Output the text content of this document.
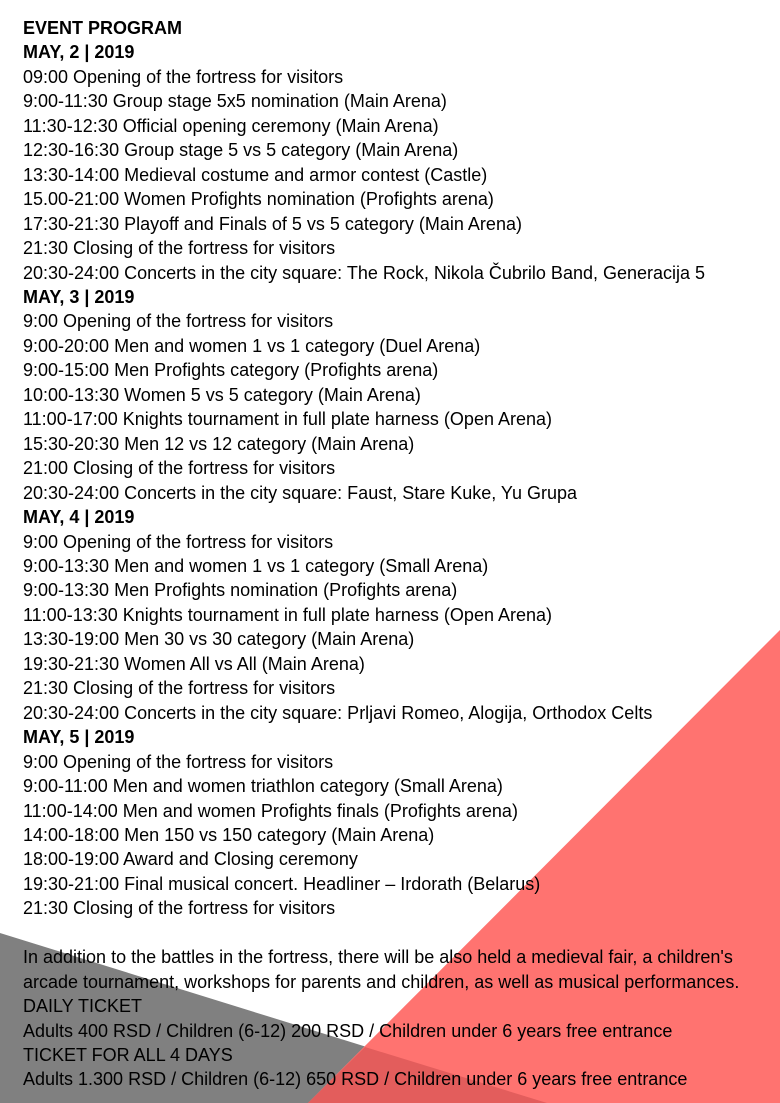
EVENT PROGRAM
MAY, 2 | 2019
09:00 Opening of the fortress for visitors
9:00-11:30 Group stage 5x5 nomination (Main Arena)
11:30-12:30 Official opening ceremony (Main Arena)
12:30-16:30 Group stage 5 vs 5 category (Main Arena)
13:30-14:00 Medieval costume and armor contest (Castle)
15.00-21:00 Women Profights nomination (Profights arena)
17:30-21:30 Playoff and Finals of 5 vs 5 category (Main Arena)
21:30 Closing of the fortress for visitors
20:30-24:00 Concerts in the city square: The Rock, Nikola Čubrilo Band, Generacija 5
MAY, 3 | 2019
9:00 Opening of the fortress for visitors
9:00-20:00 Men and women 1 vs 1 category (Duel Arena)
9:00-15:00 Men Profights category (Profights arena)
10:00-13:30 Women 5 vs 5 category (Main Arena)
11:00-17:00 Knights tournament in full plate harness (Open Arena)
15:30-20:30 Men 12 vs 12 category (Main Arena)
21:00 Closing of the fortress for visitors
20:30-24:00 Concerts in the city square: Faust, Stare Kuke, Yu Grupa
MAY, 4 | 2019
9:00 Opening of the fortress for visitors
9:00-13:30 Men and women 1 vs 1 category (Small Arena)
9:00-13:30 Men Profights nomination (Profights arena)
11:00-13:30 Knights tournament in full plate harness (Open Arena)
13:30-19:00 Men 30 vs 30 category (Main Arena)
19:30-21:30 Women All vs All (Main Arena)
21:30 Closing of the fortress for visitors
20:30-24:00 Concerts in the city square: Prljavi Romeo, Alogija, Orthodox Celts
MAY, 5 | 2019
9:00 Opening of the fortress for visitors
9:00-11:00 Men and women triathlon category (Small Arena)
11:00-14:00 Men and women Profights finals (Profights arena)
14:00-18:00 Men 150 vs 150 category (Main Arena)
18:00-19:00 Award and Closing ceremony
19:30-21:00 Final musical concert. Headliner – Irdorath (Belarus)
21:30 Closing of the fortress for visitors
In addition to the battles in the fortress, there will be also held a medieval fair, a children's arcade tournament, workshops for parents and children, as well as musical performances.
DAILY TICKET
Adults 400 RSD / Children (6-12) 200 RSD / Children under 6 years free entrance
TICKET FOR ALL 4 DAYS
Adults 1.300 RSD / Children (6-12) 650 RSD / Children under 6 years free entrance
